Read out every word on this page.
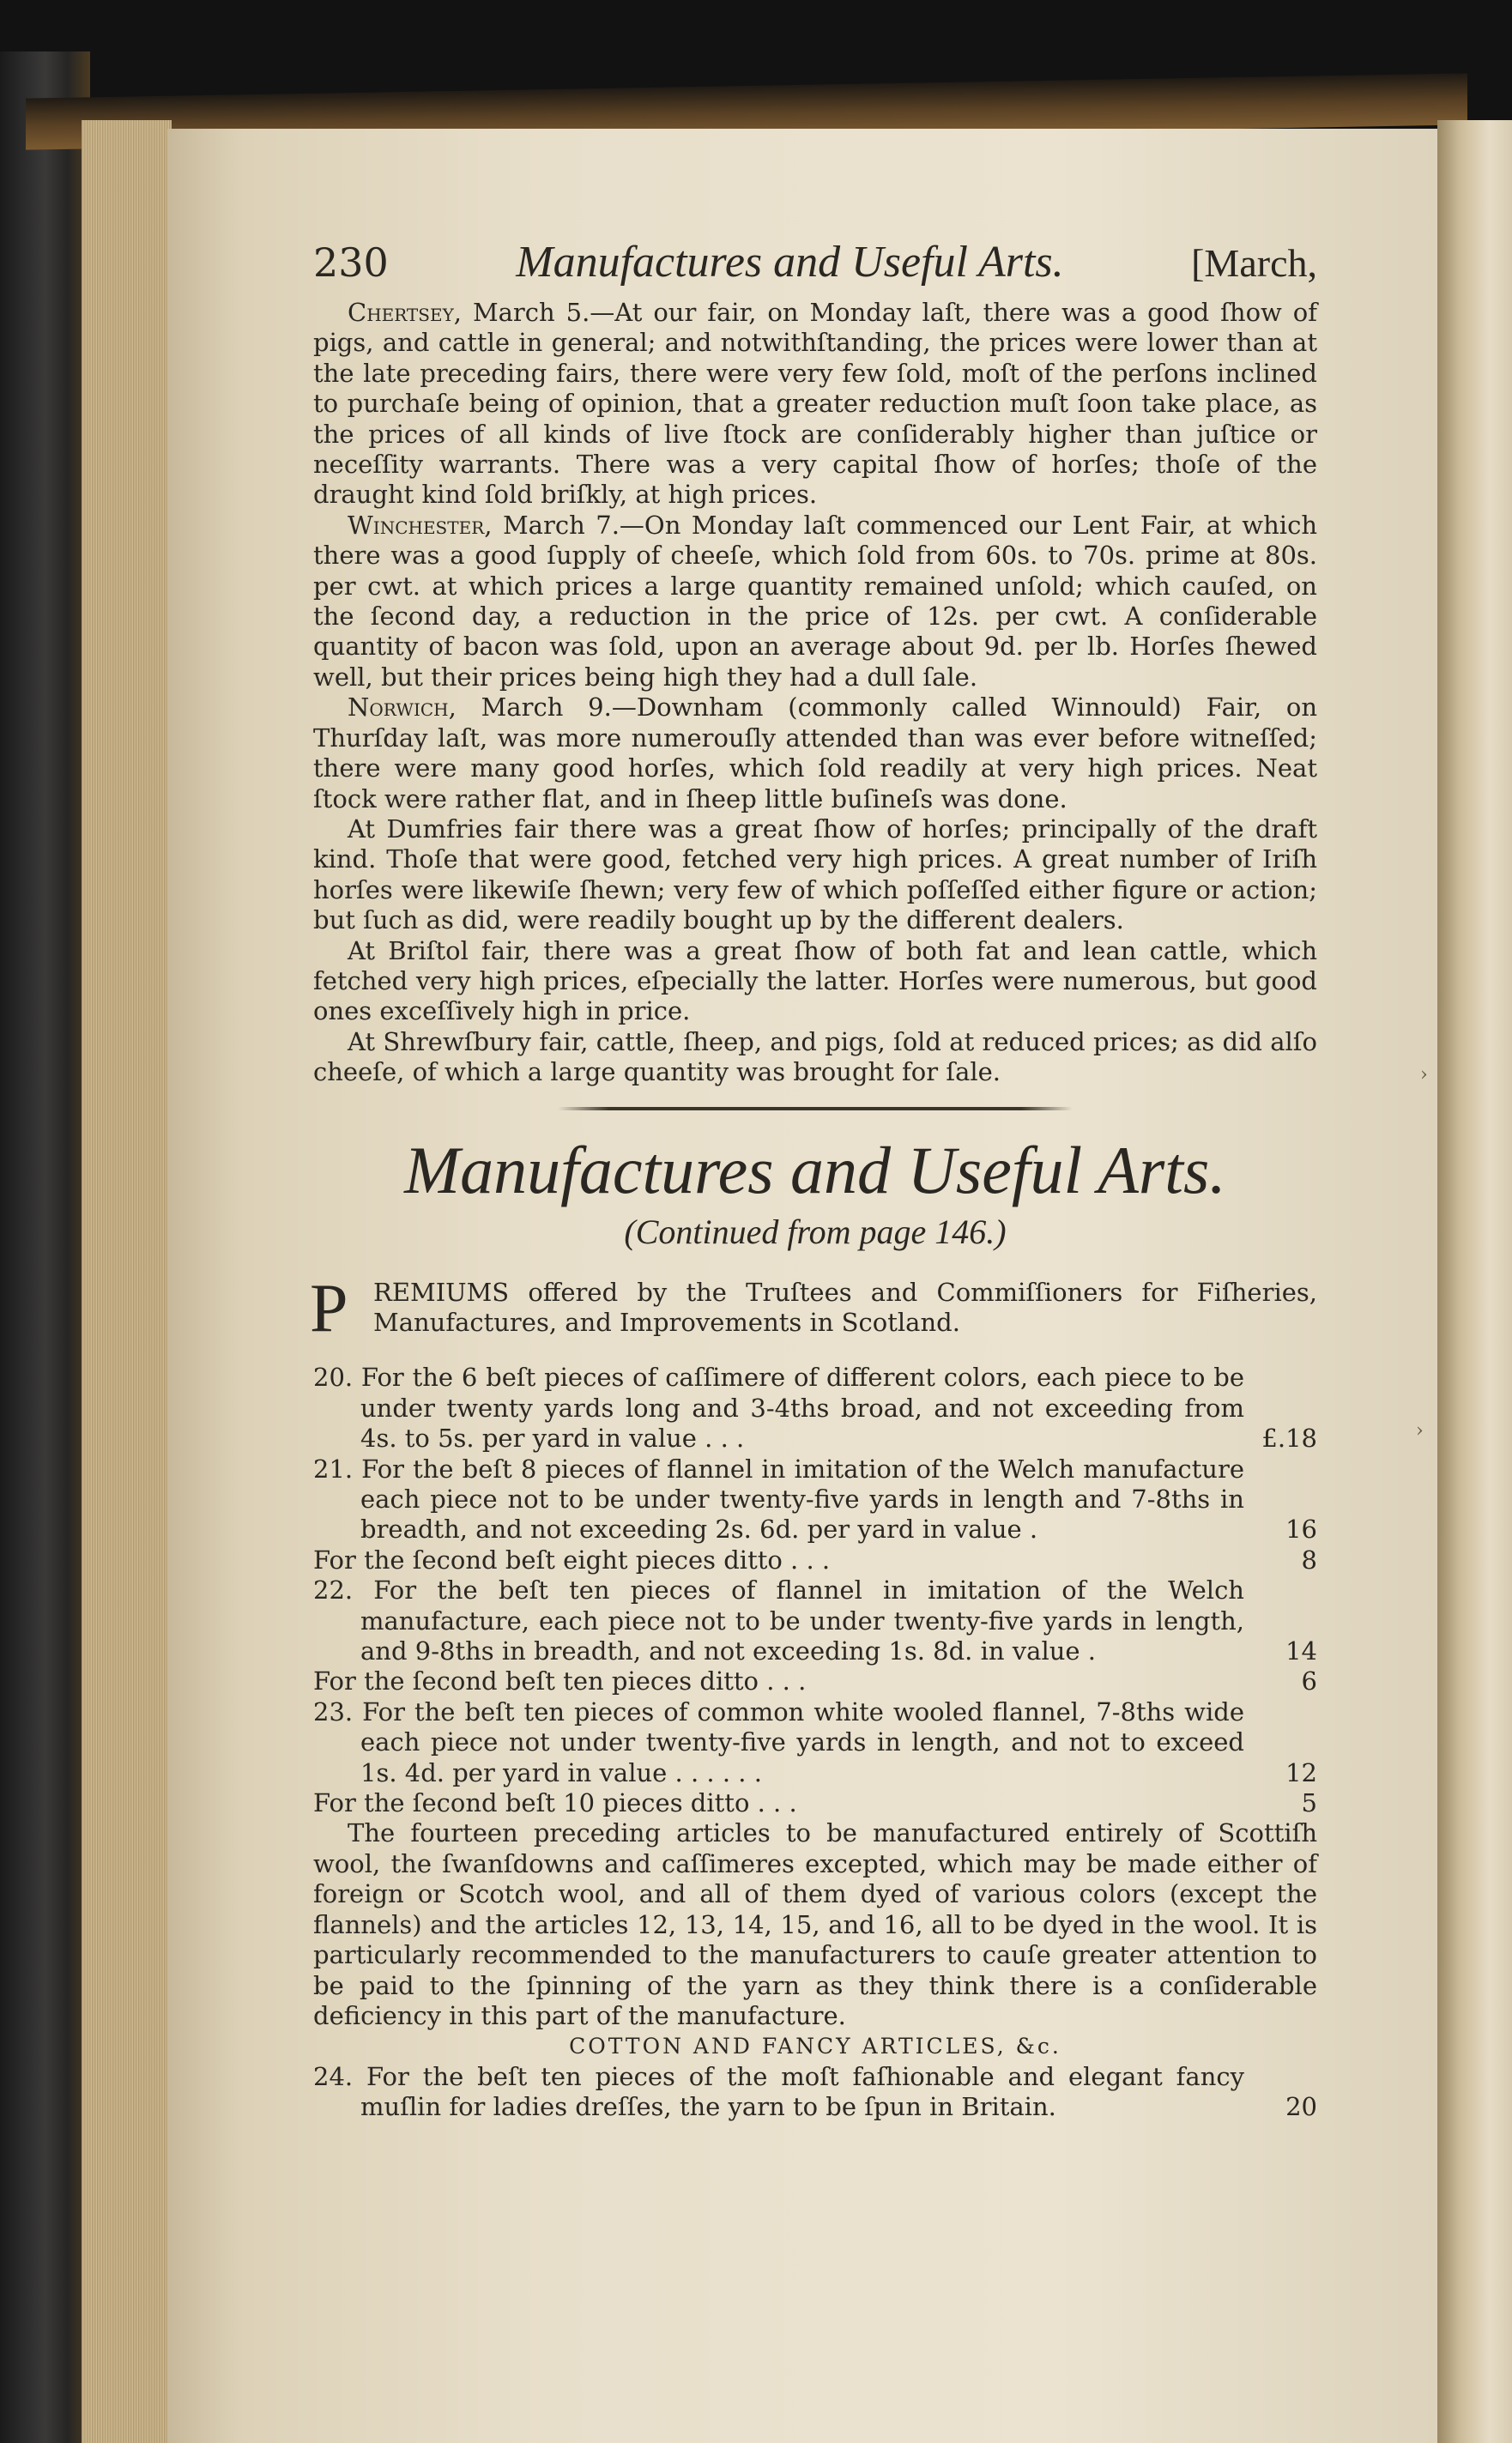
›
›
230	Manufactures and Useful Arts.	[March,

Chertsey, March 5.—At our fair, on Monday laſt, there was a good ſhow of pigs, and cattle in general; and notwithſtanding, the prices were lower than at the late preceding fairs, there were very few ſold, moſt of the perſons inclined to purchaſe being of opinion, that a greater reduction muſt ſoon take place, as the prices of all kinds of live ſtock are conſiderably higher than juſtice or neceſſity warrants. There was a very capital ſhow of horſes; thoſe of the draught kind ſold briſkly, at high prices.

Winchester, March 7.—On Monday laſt commenced our Lent Fair, at which there was a good ſupply of cheeſe, which ſold from 60s. to 70s. prime at 80s. per cwt. at which prices a large quantity remained unſold; which cauſed, on the ſecond day, a reduction in the price of 12s. per cwt. A conſiderable quantity of bacon was ſold, upon an average about 9d. per lb. Horſes ſhewed well, but their prices being high they had a dull ſale.

Norwich, March 9.—Downham (commonly called Winnould) Fair, on Thurſday laſt, was more numerouſly attended than was ever before witneſſed; there were many good horſes, which ſold readily at very high prices. Neat ſtock were rather flat, and in ſheep little buſineſs was done.

At Dumfries fair there was a great ſhow of horſes; principally of the draft kind. Thoſe that were good, fetched very high prices. A great number of Iriſh horſes were likewiſe ſhewn; very few of which poſſeſſed either figure or action; but ſuch as did, were readily bought up by the different dealers.

At Briſtol fair, there was a great ſhow of both fat and lean cattle, which fetched very high prices, eſpecially the latter. Horſes were numerous, but good ones exceſſively high in price.

At Shrewſbury fair, cattle, ſheep, and pigs, ſold at reduced prices; as did alſo cheeſe, of which a large quantity was brought for ſale.

Manufactures and Useful Arts.

(Continued from page 146.)

P REMIUMS offered by the Truſtees and Commiſſioners for Fiſheries, Manufactures, and Improvements in Scotland.

20. For the 6 beſt pieces of caſſimere of different colors, each piece to be under twenty yards long and 3-4ths broad, and not exceeding from 4s. to 5s. per yard in value . . .	£.18
21. For the beſt 8 pieces of flannel in imitation of the Welch manufacture each piece not to be under twenty-five yards in length and 7-8ths in breadth, and not exceeding 2s. 6d. per yard in value .	16
For the ſecond beſt eight pieces ditto . . .	8
22. For the beſt ten pieces of flannel in imitation of the Welch manufacture, each piece not to be under twenty-five yards in length, and 9-8ths in breadth, and not exceeding 1s. 8d. in value .	14
For the ſecond beſt ten pieces ditto . . .	6
23. For the beſt ten pieces of common white wooled flannel, 7-8ths wide each piece not under twenty-five yards in length, and not to exceed 1s. 4d. per yard in value . . . . . .	12
For the ſecond beſt 10 pieces ditto . . .	5

The fourteen preceding articles to be manufactured entirely of Scottiſh wool, the ſwanſdowns and caſſimeres excepted, which may be made either of foreign or Scotch wool, and all of them dyed of various colors (except the flannels) and the articles 12, 13, 14, 15, and 16, all to be dyed in the wool. It is particularly recommended to the manufacturers to cauſe greater attention to be paid to the ſpinning of the yarn as they think there is a conſiderable deficiency in this part of the manufacture.

COTTON AND FANCY ARTICLES, &c.

24. For the beſt ten pieces of the moſt faſhionable and elegant fancy muſlin for ladies dreſſes, the yarn to be ſpun in Britain.	20
